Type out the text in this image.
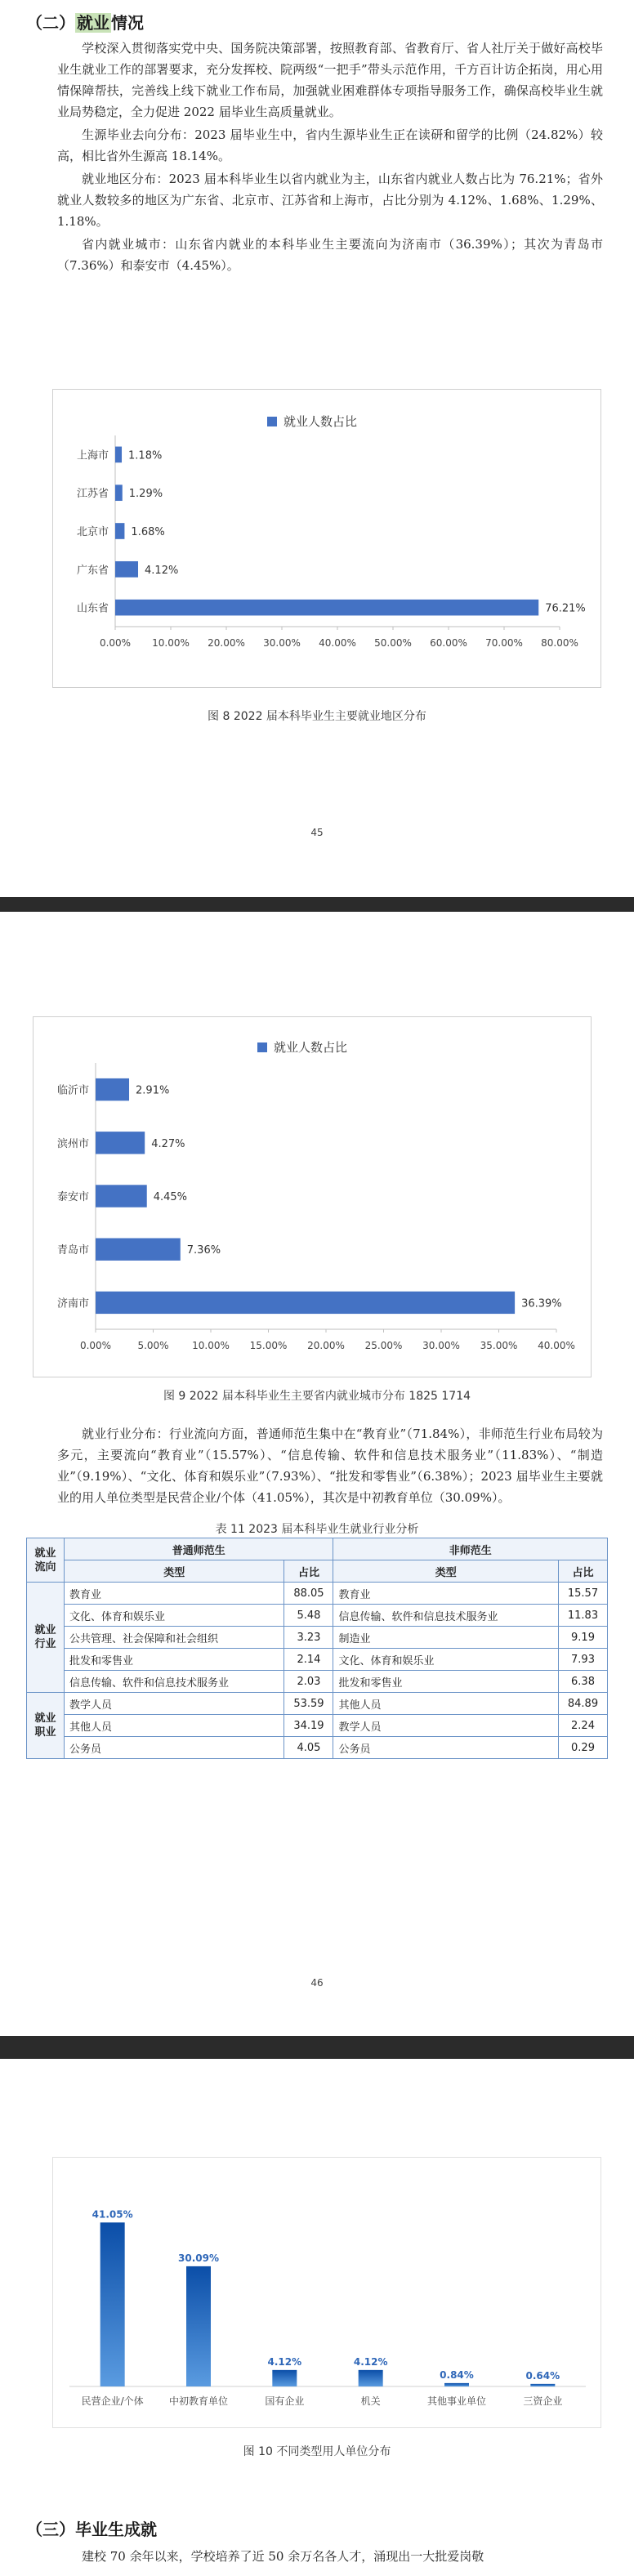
（二） 就业 情况

学校深入贯彻落实党中央、国务院决策部署，按照教育部、省教育厅、省人社厅关于做好高校毕业生就业工作的部署要求，充分发挥校、院两级“一把手”带头示范作用，千方百计访企拓岗，用心用情保障帮扶，完善线上线下就业工作布局，加强就业困难群体专项指导服务工作，确保高校毕业生就业局势稳定，全力促进 2022 届毕业生高质量就业。

生源毕业去向分布：2023 届毕业生中，省内生源毕业生正在读研和留学的比例（24.82%）较高，相比省外生源高 18.14%。

就业地区分布：2023 届本科毕业生以省内就业为主，山东省内就业人数占比为 76.21%；省外就业人数较多的地区为广东省、北京市、江苏省和上海市，占比分别为 4.12%、1.68%、1.29%、1.18%。

省内就业城市：山东省内就业的本科毕业生主要流向为济南市（36.39%）；其次为青岛市（7.36%）和泰安市（4.45%）。

就业人数占比
0.00% 10.00% 20.00% 30.00% 40.00% 50.00% 60.00% 70.00% 80.00%
山东省	76.21%
广东省	4.12%
北京市 1.68%
江苏省 1.29%
上海市 1.18%
图 8 2022 届本科毕业生主要就业地区分布
45
就业人数占比
0.00%	5.00% 10.00% 15.00% 20.00% 25.00% 30.00% 35.00% 40.00%
济南市	36.39%
青岛市	7.36%
泰安市	4.45%
滨州市	4.27%
临沂市	2.91%
图 9 2022 届本科毕业生主要省内就业城市分布 1825 1714

就业行业分布：行业流向方面，普通师范生集中在“教育业”（71.84%），非师范生行业布局较为多元，主要流向“教育业”（15.57%）、“信息传输、软件和信息技术服务业”（11.83%）、“制造业”（9.19%）、“文化、体育和娱乐业”（7.93%）、“批发和零售业”（6.38%）；2023 届毕业生主要就业的用人单位类型是民营企业/个体（41.05%），其次是中初教育单位（30.09%）。

表 11 2023 届本科毕业生就业行业分析
就业
流向	普通师范生		非师范生	
	类型	占比	类型	占比
就业
行业	教育业	88.05	教育业	15.57
	文化、体育和娱乐业	5.48	信息传输、软件和信息技术服务业	11.83
	公共管理、社会保障和社会组织	3.23	制造业	9.19
	批发和零售业	2.14	文化、体育和娱乐业	7.93
	信息传输、软件和信息技术服务业	2.03	批发和零售业	6.38
就业
职业	教学人员	53.59	其他人员	84.89
	其他人员	34.19	教学人员	2.24
	公务员	4.05	公务员	0.29
46
41.05%
民营企业/个体
30.09%
中初教育单位
4.12%
国有企业
4.12%
机关
0.84%
其他事业单位
0.64%
三资企业
图 10 不同类型用人单位分布
（三）毕业生成就

建校 70 余年以来，学校培养了近 50 余万名各人才，涌现出一大批爱岗敬
